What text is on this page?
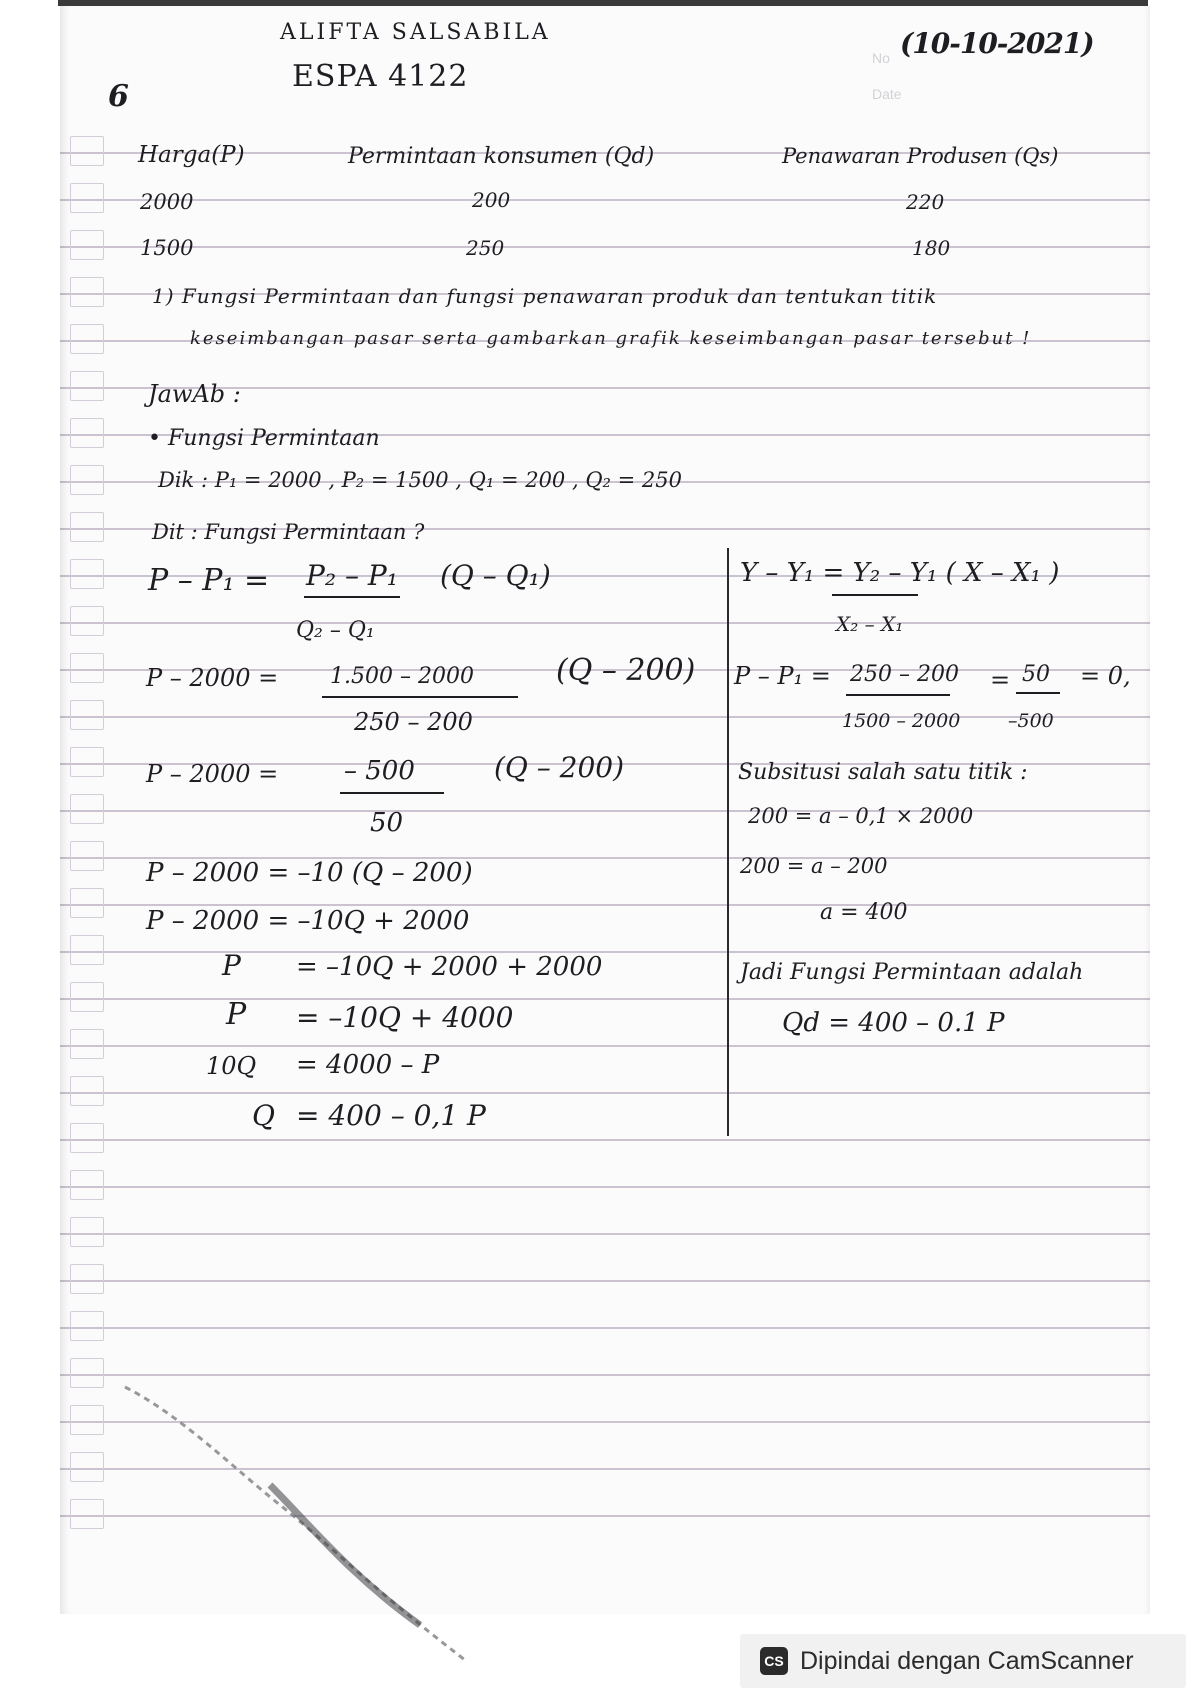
ALIFTA SALSABILA
ESPA 4122
6
No
Date
(10-10-2021)
Harga(P)	Permintaan konsumen (Qd)	Penawaran Produsen (Qs)
2000	200	220
1500	250	180
1) Fungsi Permintaan dan fungsi penawaran produk dan tentukan titik
keseimbangan pasar serta gambarkan grafik keseimbangan pasar tersebut !
JawAb :
• Fungsi Permintaan
Dik : P₁ = 2000 , P₂ = 1500 , Q₁ = 200 , Q₂ = 250
Dit : Fungsi Permintaan ?
P – P₁ = P₂ – P₁ (Q – Q₁)
Q₂ – Q₁
P – 2000 = 1.500 – 2000	(Q – 200)
250 – 200
P – 2000 =	– 500	(Q – 200)
50
P – 2000 = –10 (Q – 200)
P – 2000 = –10Q + 2000
P = –10Q + 2000 + 2000
P = –10Q + 4000
10Q = 4000 – P
Q = 400 – 0,1 P
Y – Y₁ = Y₂ – Y₁ ( X – X₁ )
X₂ – X₁
P – P₁ = 250 – 200
1500 – 2000
= 50
–500
= 0,
Subsitusi salah satu titik :
200 = a – 0,1 × 2000
200 = a – 200
a = 400
Jadi Fungsi Permintaan adalah
Qd = 400 – 0.1 P
CS Dipindai dengan CamScanner
